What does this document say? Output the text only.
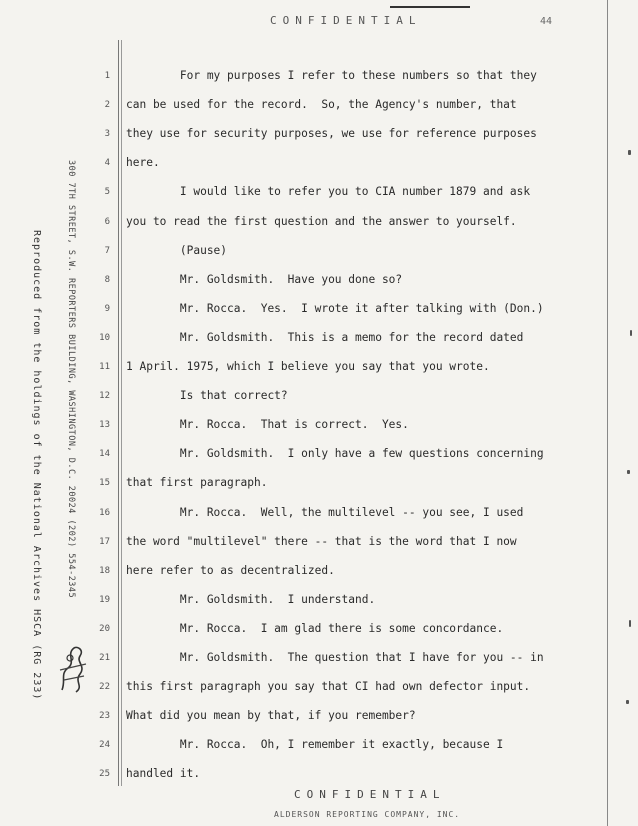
CONFIDENTIAL	44
Reproduced from the holdings of the National Archives HSCA (RG 233)	300 7TH STREET, S.W. REPORTERS BUILDING, WASHINGTON, D.C. 20024 (202) 554-2345
1
2
3
4
5
6
7
8
9
10
11
12
13
14
15
16
17
18
19
20
21
22
23
24
25
For my purposes I refer to these numbers so that they
can be used for the record.  So, the Agency's number, that
they use for security purposes, we use for reference purposes
here.
I would like to refer you to CIA number 1879 and ask
you to read the first question and the answer to yourself.
(Pause)
Mr. Goldsmith.  Have you done so?
Mr. Rocca.  Yes.  I wrote it after talking with (Don.)
Mr. Goldsmith.  This is a memo for the record dated
1 April. 1975, which I believe you say that you wrote.
Is that correct?
Mr. Rocca.  That is correct.  Yes.
Mr. Goldsmith.  I only have a few questions concerning
that first paragraph.
Mr. Rocca.  Well, the multilevel -- you see, I used
the word "multilevel" there -- that is the word that I now
here refer to as decentralized.
Mr. Goldsmith.  I understand.
Mr. Rocca.  I am glad there is some concordance.
Mr. Goldsmith.  The question that I have for you -- in
this first paragraph you say that CI had own defector input.
What did you mean by that, if you remember?
Mr. Rocca.  Oh, I remember it exactly, because I
handled it.
CONFIDENTIAL
ALDERSON REPORTING COMPANY, INC.
